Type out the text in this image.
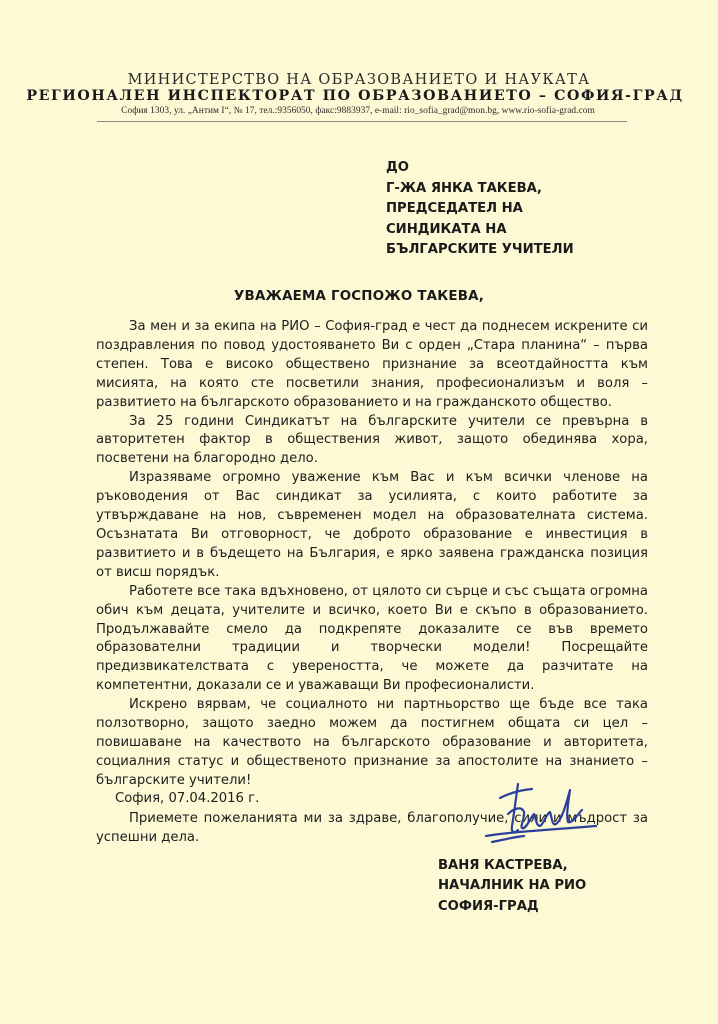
МИНИСТЕРСТВО НА ОБРАЗОВАНИЕТО И НАУКАТА
РЕГИОНАЛЕН ИНСПЕКТОРАТ ПО ОБРАЗОВАНИЕТО – СОФИЯ-ГРАД
София 1303, ул. „Антим I“, № 17, тел.:9356050, факс:9883937, e-mail: rio_sofia_grad@mon.bg, www.rio-sofia-grad.com
ДО
Г-ЖА ЯНКА ТАКЕВА,
ПРЕДСЕДАТЕЛ НА
СИНДИКАТА НА
БЪЛГАРСКИТЕ УЧИТЕЛИ
УВАЖАЕМА ГОСПОЖО ТАКЕВА,

За мен и за екипа на РИО – София-град е чест да поднесем искрените си поздравления по повод удостояването Ви с орден „Стара планина“ – първа степен. Това е високо обществено признание за всеотдайността към мисията, на която сте посветили знания, професионализъм и воля – развитието на българското образованието и на гражданското общество.

За 25 години Синдикатът на българските учители се превърна в авторитетен фактор в обществения живот, защото обединява хора, посветени на благородно дело.

Изразяваме огромно уважение към Вас и към всички членове на ръководения от Вас синдикат за усилията, с които работите за утвърждаване на нов, съвременен модел на образователната система. Осъзнатата Ви отговорност, че доброто образование е инвестиция в развитието и в бъдещето на България, е ярко заявена гражданска позиция от висш порядък.

Работете все така вдъхновено, от цялото си сърце и със същата огромна обич към децата, учителите и всичко, което Ви е скъпо в образованието. Продължавайте смело да подкрепяте доказалите се във времето образователни традиции и творчески модели! Посрещайте предизвикателствата с увереността, че можете да разчитате на компетентни, доказали се и уважаващи Ви професионалисти.

Искрено вярвам, че социалното ни партньорство ще бъде все така ползотворно, защото заедно можем да постигнем общата си цел – повишаване на качеството на българското образование и авторитета, социалния статус и общественото признание за апостолите на знанието – българските учители!

Приемете пожеланията ми за здраве, благополучие, сили и мъдрост за успешни дела.

София, 07.04.2016 г.
ВАНЯ КАСТРЕВА,
НАЧАЛНИК НА РИО
СОФИЯ-ГРАД
